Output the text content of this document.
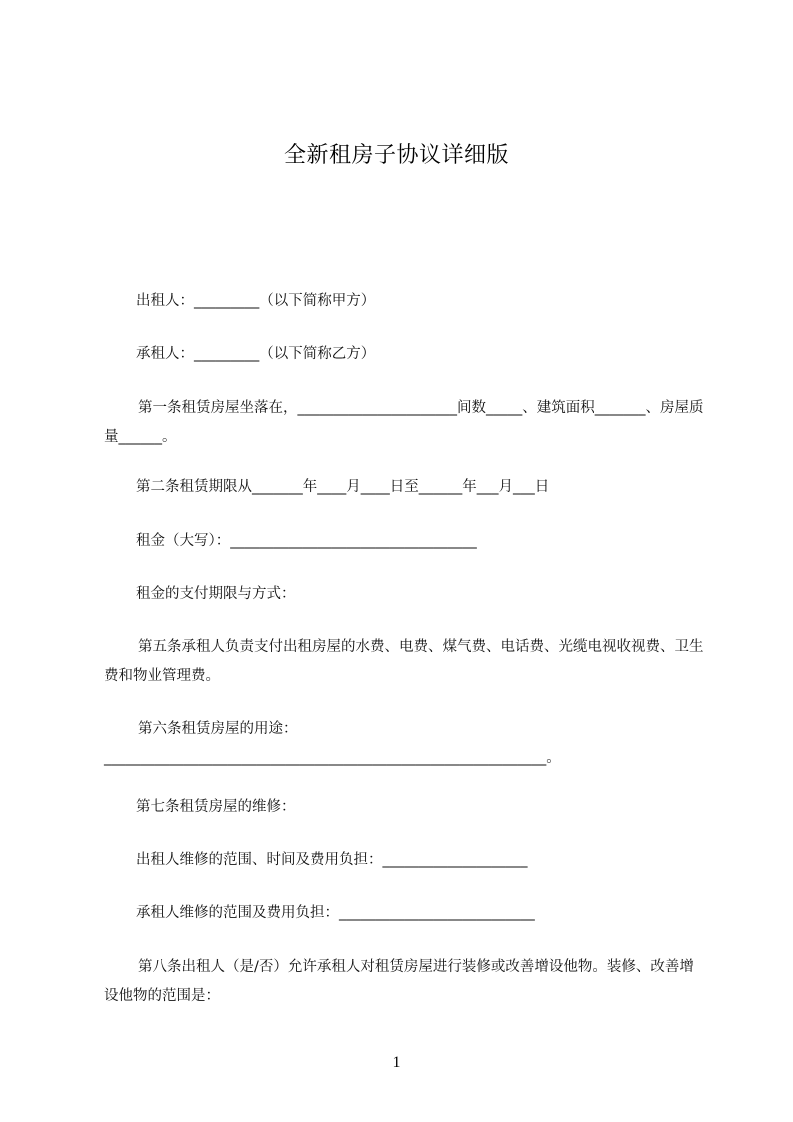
全新租房子协议详细版
出租人：_________（以下简称甲方）
承租人：_________（以下简称乙方）
第一条租赁房屋坐落在，______________________间数_____、建筑面积_______、房屋质量______。
第二条租赁期限从_______年____月____日至______年___月___日
租金（大写）：__________________________________
租金的支付期限与方式：
第五条承租人负责支付出租房屋的水费、电费、煤气费、电话费、光缆电视收视费、卫生费和物业管理费。
第六条租赁房屋的用途：_____________________________________________________________。
第七条租赁房屋的维修：
出租人维修的范围、时间及费用负担：____________________
承租人维修的范围及费用负担：___________________________
第八条出租人（是/否）允许承租人对租赁房屋进行装修或改善增设他物。装修、改善增设他物的范围是：
1
